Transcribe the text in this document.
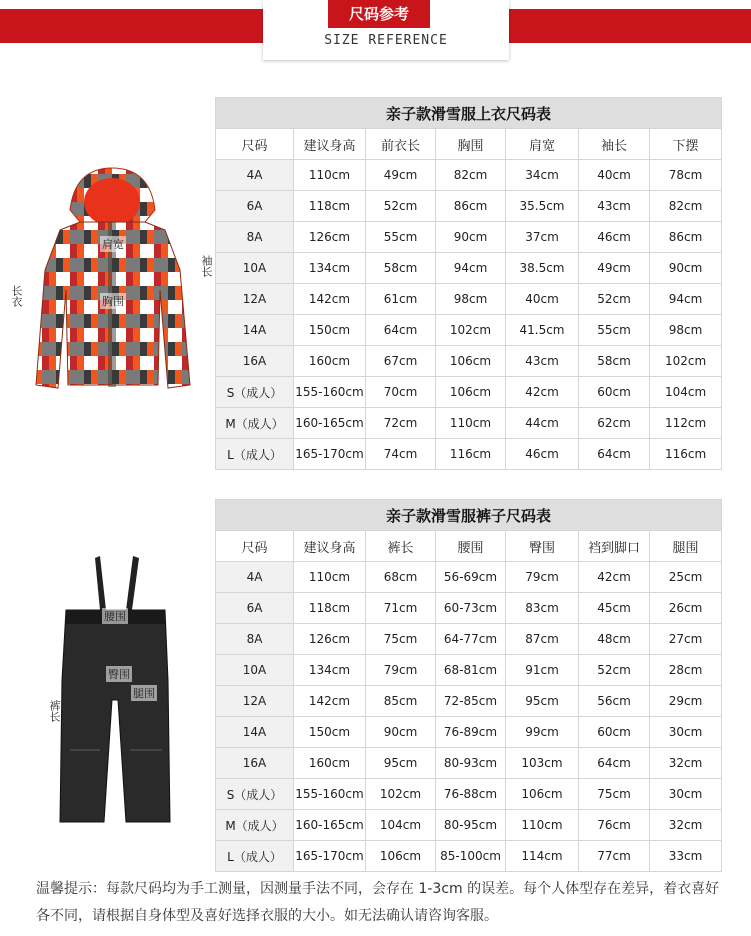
尺码参考
SIZE REFERENCE
肩宽
胸围
长衣
袖长
亲子款滑雪服上衣尺码表						
尺码	建议身高	前衣长	胸围	肩宽	袖长	下摆
4A	110cm	49cm	82cm	34cm	40cm	78cm
6A	118cm	52cm	86cm	35.5cm	43cm	82cm
8A	126cm	55cm	90cm	37cm	46cm	86cm
10A	134cm	58cm	94cm	38.5cm	49cm	90cm
12A	142cm	61cm	98cm	40cm	52cm	94cm
14A	150cm	64cm	102cm	41.5cm	55cm	98cm
16A	160cm	67cm	106cm	43cm	58cm	102cm
S（成人）	155-160cm	70cm	106cm	42cm	60cm	104cm
M（成人）	160-165cm	72cm	110cm	44cm	62cm	112cm
L（成人）	165-170cm	74cm	116cm	46cm	64cm	116cm
腰围
臀围
腿围
裤长
亲子款滑雪服裤子尺码表						
尺码	建议身高	裤长	腰围	臀围	裆到脚口	腿围
4A	110cm	68cm	56-69cm	79cm	42cm	25cm
6A	118cm	71cm	60-73cm	83cm	45cm	26cm
8A	126cm	75cm	64-77cm	87cm	48cm	27cm
10A	134cm	79cm	68-81cm	91cm	52cm	28cm
12A	142cm	85cm	72-85cm	95cm	56cm	29cm
14A	150cm	90cm	76-89cm	99cm	60cm	30cm
16A	160cm	95cm	80-93cm	103cm	64cm	32cm
S（成人）	155-160cm	102cm	76-88cm	106cm	75cm	30cm
M（成人）	160-165cm	104cm	80-95cm	110cm	76cm	32cm
L（成人）	165-170cm	106cm	85-100cm	114cm	77cm	33cm
温馨提示：每款尺码均为手工测量，因测量手法不同，会存在 1-3cm 的误差。每个人体型存在差异，着衣喜好各不同，请根据自身体型及喜好选择衣服的大小。如无法确认请咨询客服。
